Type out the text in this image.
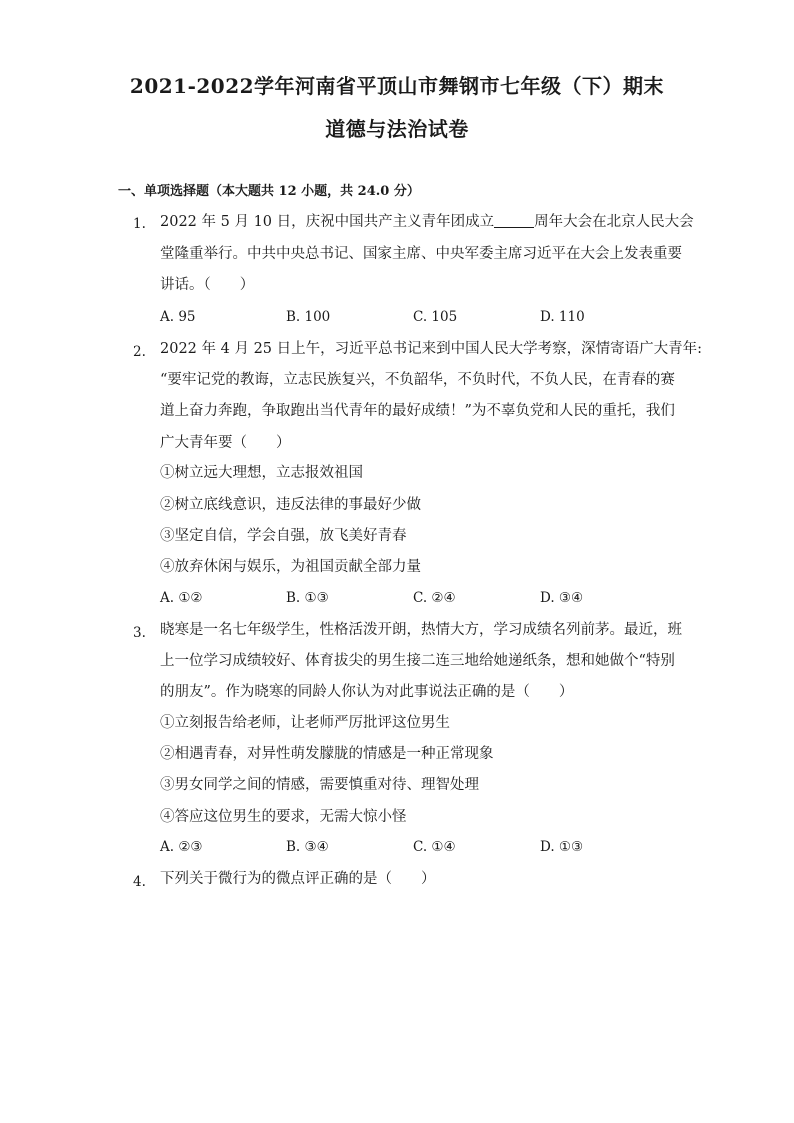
2021-2022学年河南省平顶山市舞钢市七年级（下）期末
道德与法治试卷
一、单项选择题（本大题共 12 小题，共 24.0 分）
1. 2022 年 5 月 10 日，庆祝中国共产主义青年团成立	周年大会在北京人民大会
堂隆重举行。中共中央总书记、国家主席、中央军委主席习近平在大会上发表重要
讲话。（　　）
A. 95	B. 100	C. 105	D. 110
2. 2022 年 4 月 25 日上午，习近平总书记来到中国人民大学考察，深情寄语广大青年:
“要牢记党的教诲，立志民族复兴，不负韶华，不负时代，不负人民，在青春的赛
道上奋力奔跑，争取跑出当代青年的最好成绩！”为不辜负党和人民的重托，我们
广大青年要（　　）
①树立远大理想，立志报效祖国
②树立底线意识，违反法律的事最好少做
③坚定自信，学会自强，放飞美好青春
④放弃休闲与娱乐，为祖国贡献全部力量
A. ①②	B. ①③	C. ②④	D. ③④
3. 晓寒是一名七年级学生，性格活泼开朗，热情大方，学习成绩名列前茅。最近，班
上一位学习成绩较好、体育拔尖的男生接二连三地给她递纸条，想和她做个“特别
的朋友”。作为晓寒的同龄人你认为对此事说法正确的是（　　）
①立刻报告给老师，让老师严厉批评这位男生
②相遇青春，对异性萌发朦胧的情感是一种正常现象
③男女同学之间的情感，需要慎重对待、理智处理
④答应这位男生的要求，无需大惊小怪
A. ②③	B. ③④	C. ①④	D. ①③
4. 下列关于微行为的微点评正确的是（　　）
